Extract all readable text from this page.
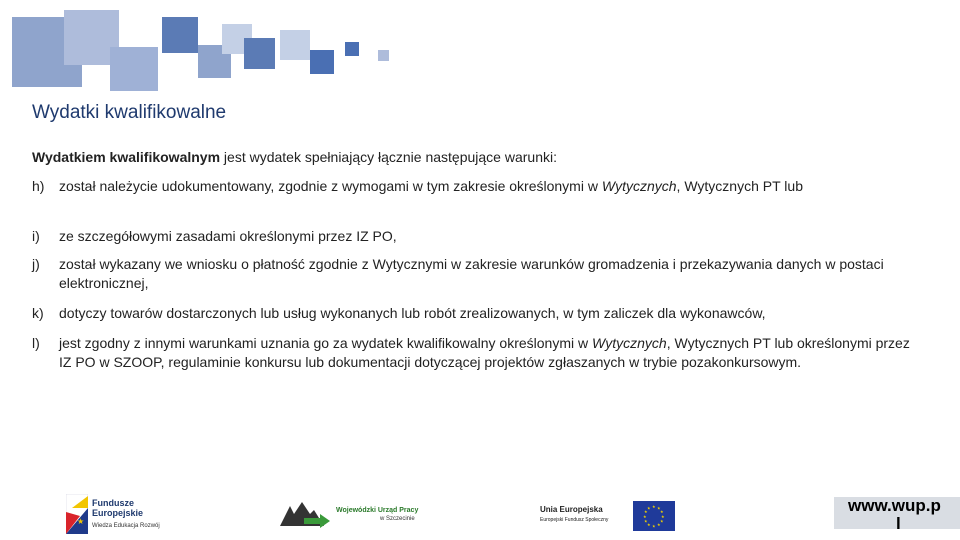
Wydatki kwalifikowalne
Wydatkiem kwalifikowalnym jest wydatek spełniający łącznie następujące warunki:
h) został należycie udokumentowany, zgodnie z wymogami w tym zakresie określonymi w Wytycznych, Wytycznych PT lub
i) ze szczegółowymi zasadami określonymi przez IZ PO,
j) został wykazany we wniosku o płatność zgodnie z Wytycznymi w zakresie warunków gromadzenia i przekazywania danych w postaci elektronicznej,
k) dotyczy towarów dostarczonych lub usług wykonanych lub robót zrealizowanych, w tym zaliczek dla wykonawców,
l) jest zgodny z innymi warunkami uznania go za wydatek kwalifikowalny określonymi w Wytycznych, Wytycznych PT lub określonymi przez IZ PO w SZOOP, regulaminie konkursu lub dokumentacji dotyczącej projektów zgłaszanych w trybie pozakonkursowym.
★
Fundusze
Europejskie
Wiedza Edukacja Rozwój
Wojewódzki Urząd Pracy
w Szczecinie
Unia Europejska
Europejski Fundusz Społeczny
★ ★
★
★
★
★
★
★
★
★
★
★	www.wup.p
l
